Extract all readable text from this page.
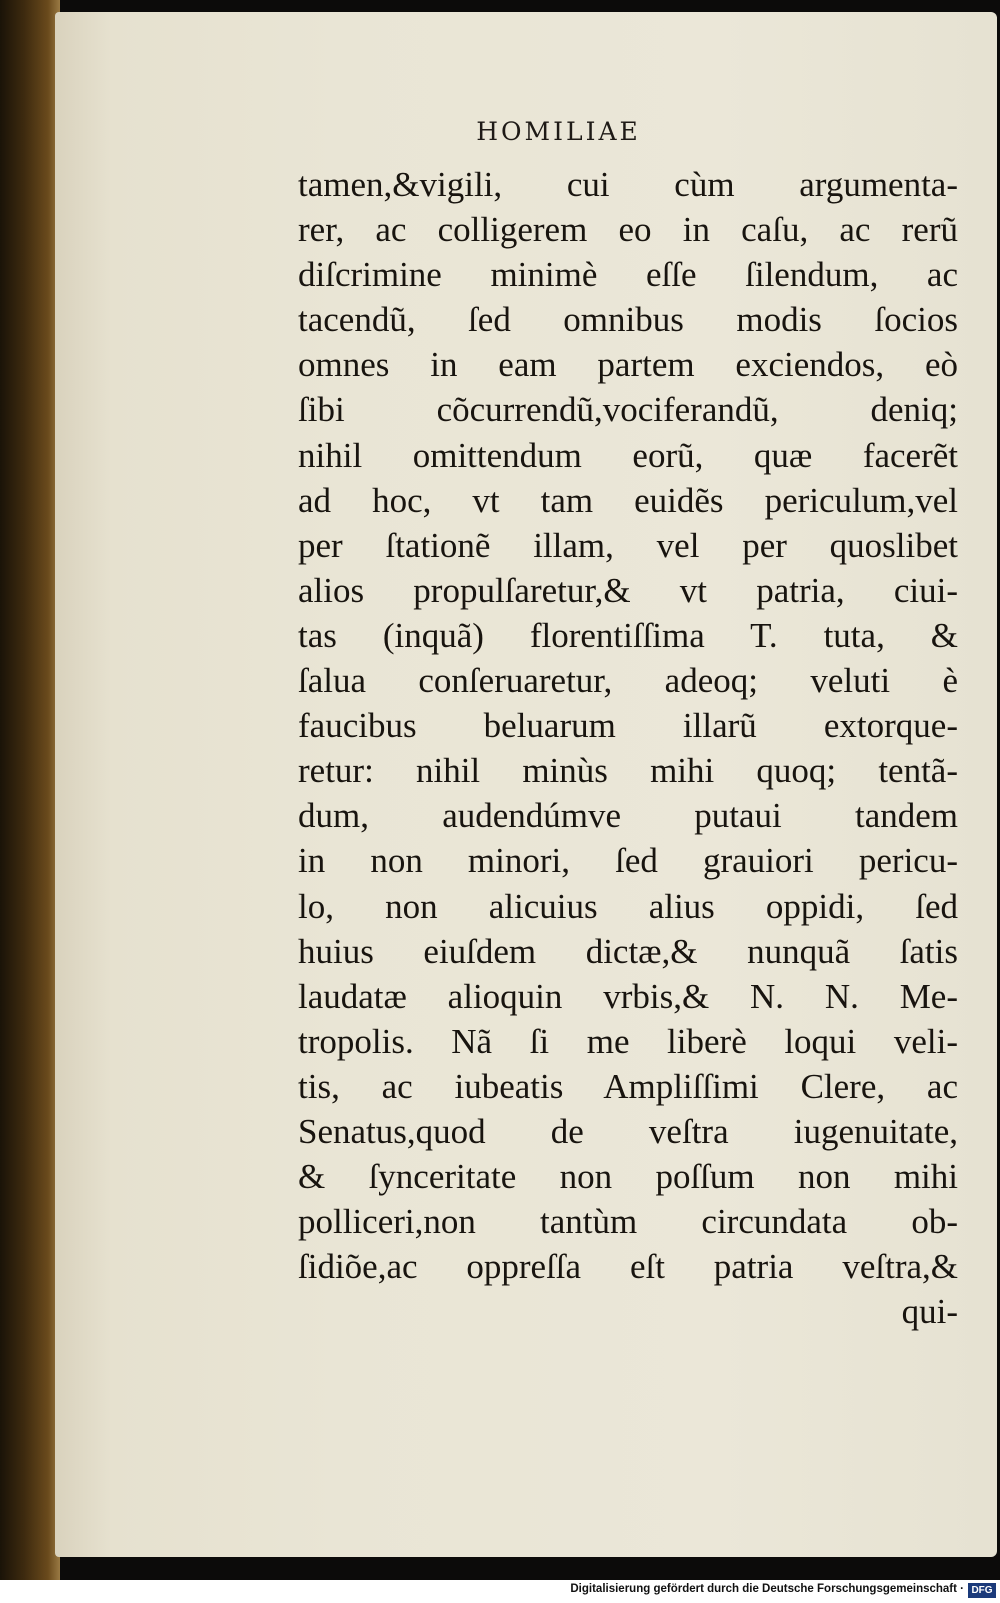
HOMILIAE
tamen,&vigili, cui cùm argumenta-
rer, ac colligerem eo in caſu, ac rerũ
diſcrimine minimè eſſe ſilendum, ac
tacendũ, ſed omnibus modis ſocios
omnes in eam partem exciendos, eò
ſibi cõcurrendũ,vociferandũ, deniq;
nihil omittendum eorũ, quæ facerẽt
ad hoc, vt tam euidẽs periculum,vel
per ſtationẽ illam, vel per quoslibet
alios propulſaretur,& vt patria, ciui-
tas (inquã) florentiſſima T. tuta, &
ſalua conſeruaretur, adeoq; veluti è
faucibus beluarum illarũ extorque-
retur: nihil minùs mihi quoq; tentã-
dum, audendúmve putaui tandem
in non minori, ſed grauiori pericu-
lo, non alicuius alius oppidi, ſed
huius eiuſdem dictæ,& nunquã ſatis
laudatæ alioquin vrbis,& N. N. Me-
tropolis. Nã ſi me liberè loqui veli-
tis, ac iubeatis Ampliſſimi Clere, ac
Senatus,quod de veſtra iugenuitate,
& ſynceritate non poſſum non mihi
polliceri,non tantùm circundata ob-
ſidiõe,ac oppreſſa eſt patria veſtra,&
qui-
Digitalisierung gefördert durch die Deutsche Forschungsgemeinschaft · DFG
